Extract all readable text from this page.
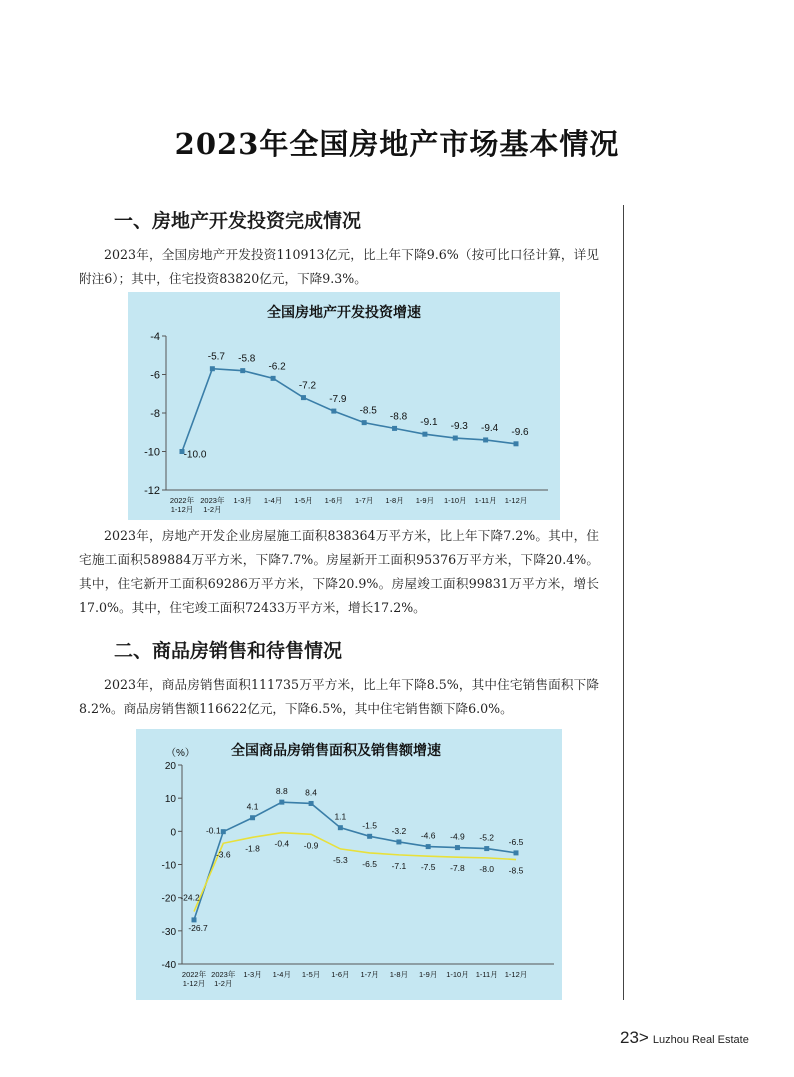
2023年全国房地产市场基本情况
一、房地产开发投资完成情况

2023年，全国房地产开发投资110913亿元，比上年下降9.6%（按可比口径计算，详见附注6）；其中，住宅投资83820亿元，下降9.3%。

全国房地产开发投资增速
-4
-6
-8
-10
-12
2022年 1-12月
2023年 1-2月
1-3月 1-4月 1-5月 1-6月 1-7月 1-8月 1-9月 1-10月 1-11月 1-12月
-10.0
-5.7 -5.8
-6.2
-7.2
-7.9
-8.5
-8.8
-9.1 -9.3 -9.4 -9.6

2023年，房地产开发企业房屋施工面积838364万平方米，比上年下降7.2%。其中，住宅施工面积589884万平方米，下降7.7%。房屋新开工面积95376万平方米，下降20.4%。其中，住宅新开工面积69286万平方米，下降20.9%。房屋竣工面积99831万平方米，增长17.0%。其中，住宅竣工面积72433万平方米，增长17.2%。

二、商品房销售和待售情况

2023年，商品房销售面积111735万平方米，比上年下降8.5%，其中住宅销售面积下降8.2%。商品房销售额116622亿元，下降6.5%，其中住宅销售额下降6.0%。

全国商品房销售面积及销售额增速
（%）
20
10
0
-10
-20
-30
-40
2022年 1-12月
2023年 1-2月
1-3月 1-4月 1-5月 1-6月 1-7月 1-8月 1-9月 1-10月 1-11月 1-12月
-26.7
-0.1
4.1
8.8 8.4
1.1
-1.5
-3.2 -4.6 -4.9 -5.2 -6.5
-24.2
-3.6
-1.8 -0.4 -0.9
-5.3 -6.5 -7.1 -7.5 -7.8 -8.0 -8.5
23> Luzhou Real Estate
